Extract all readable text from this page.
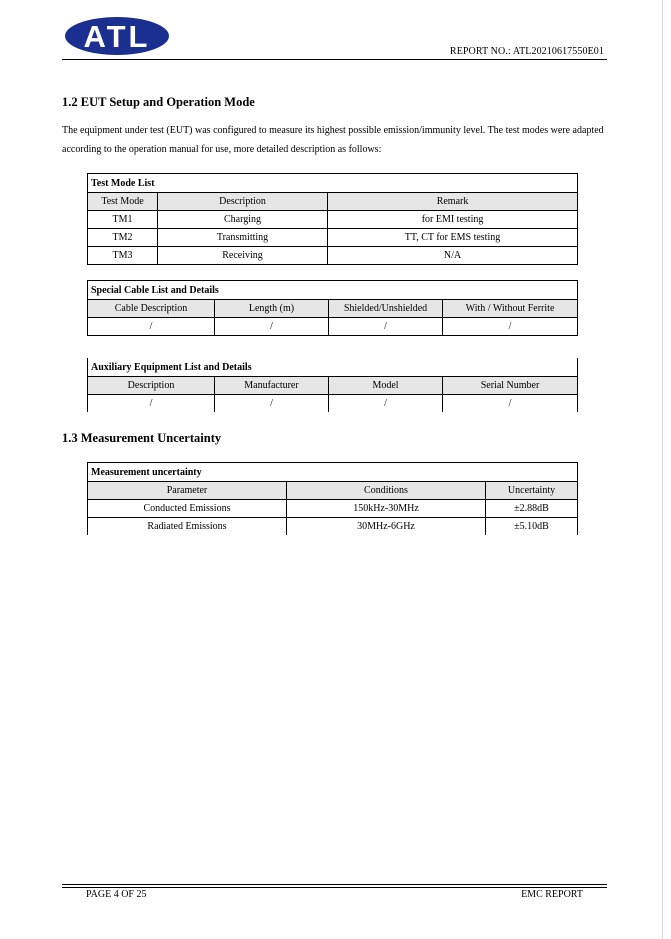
ATL	REPORT NO.: ATL20210617550E01
1.2 EUT Setup and Operation Mode
The equipment under test (EUT) was configured to measure its highest possible emission/immunity level. The test modes were adapted according to the operation manual for use, more detailed description as follows:
Test Mode List		
Test Mode	Description	Remark
TM1	Charging	for EMI testing
TM2	Transmitting	TT, CT for EMS testing
TM3	Receiving	N/A
Special Cable List and Details			
Cable Description	Length (m)	Shielded/Unshielded	With / Without Ferrite
/	/	/	/
Auxiliary Equipment List and Details			
Description	Manufacturer	Model	Serial Number
/	/	/	/
1.3 Measurement Uncertainty
Measurement uncertainty		
Parameter	Conditions	Uncertainty
Conducted Emissions	150kHz-30MHz	±2.88dB
Radiated Emissions	30MHz-6GHz	±5.10dB
PAGE 4 OF 25	EMC REPORT
